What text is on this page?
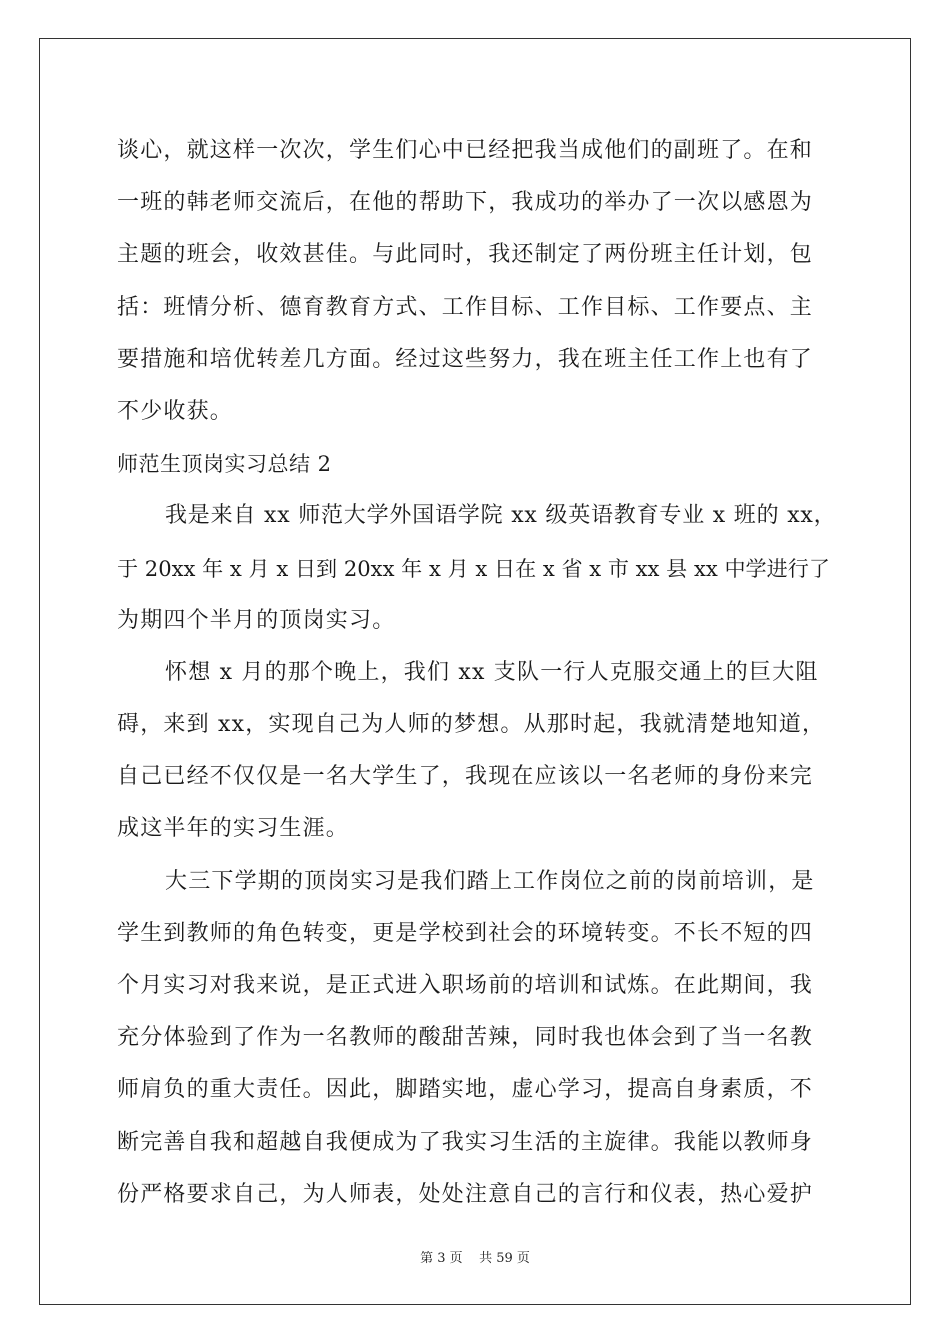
谈心，就这样一次次，学生们心中已经把我当成他们的副班了。在和
一班的韩老师交流后，在他的帮助下，我成功的举办了一次以感恩为
主题的班会，收效甚佳。与此同时，我还制定了两份班主任计划，包
括：班情分析、德育教育方式、工作目标、工作目标、工作要点、主
要措施和培优转差几方面。经过这些努力，我在班主任工作上也有了
不少收获。
师范生顶岗实习总结 2
我是来自 xx 师范大学外国语学院 xx 级英语教育专业 x 班的 xx，
于 20xx 年 x 月 x 日到 20xx 年 x 月 x 日在 x 省 x 市 xx 县 xx 中学进行了
为期四个半月的顶岗实习。
怀想 x 月的那个晚上，我们 xx 支队一行人克服交通上的巨大阻
碍，来到 xx，实现自己为人师的梦想。从那时起，我就清楚地知道，
自己已经不仅仅是一名大学生了，我现在应该以一名老师的身份来完
成这半年的实习生涯。
大三下学期的顶岗实习是我们踏上工作岗位之前的岗前培训，是
学生到教师的角色转变，更是学校到社会的环境转变。不长不短的四
个月实习对我来说，是正式进入职场前的培训和试炼。在此期间，我
充分体验到了作为一名教师的酸甜苦辣，同时我也体会到了当一名教
师肩负的重大责任。因此，脚踏实地，虚心学习，提高自身素质，不
断完善自我和超越自我便成为了我实习生活的主旋律。我能以教师身
份严格要求自己，为人师表，处处注意自己的言行和仪表，热心爱护
第 3 页    共 59 页
